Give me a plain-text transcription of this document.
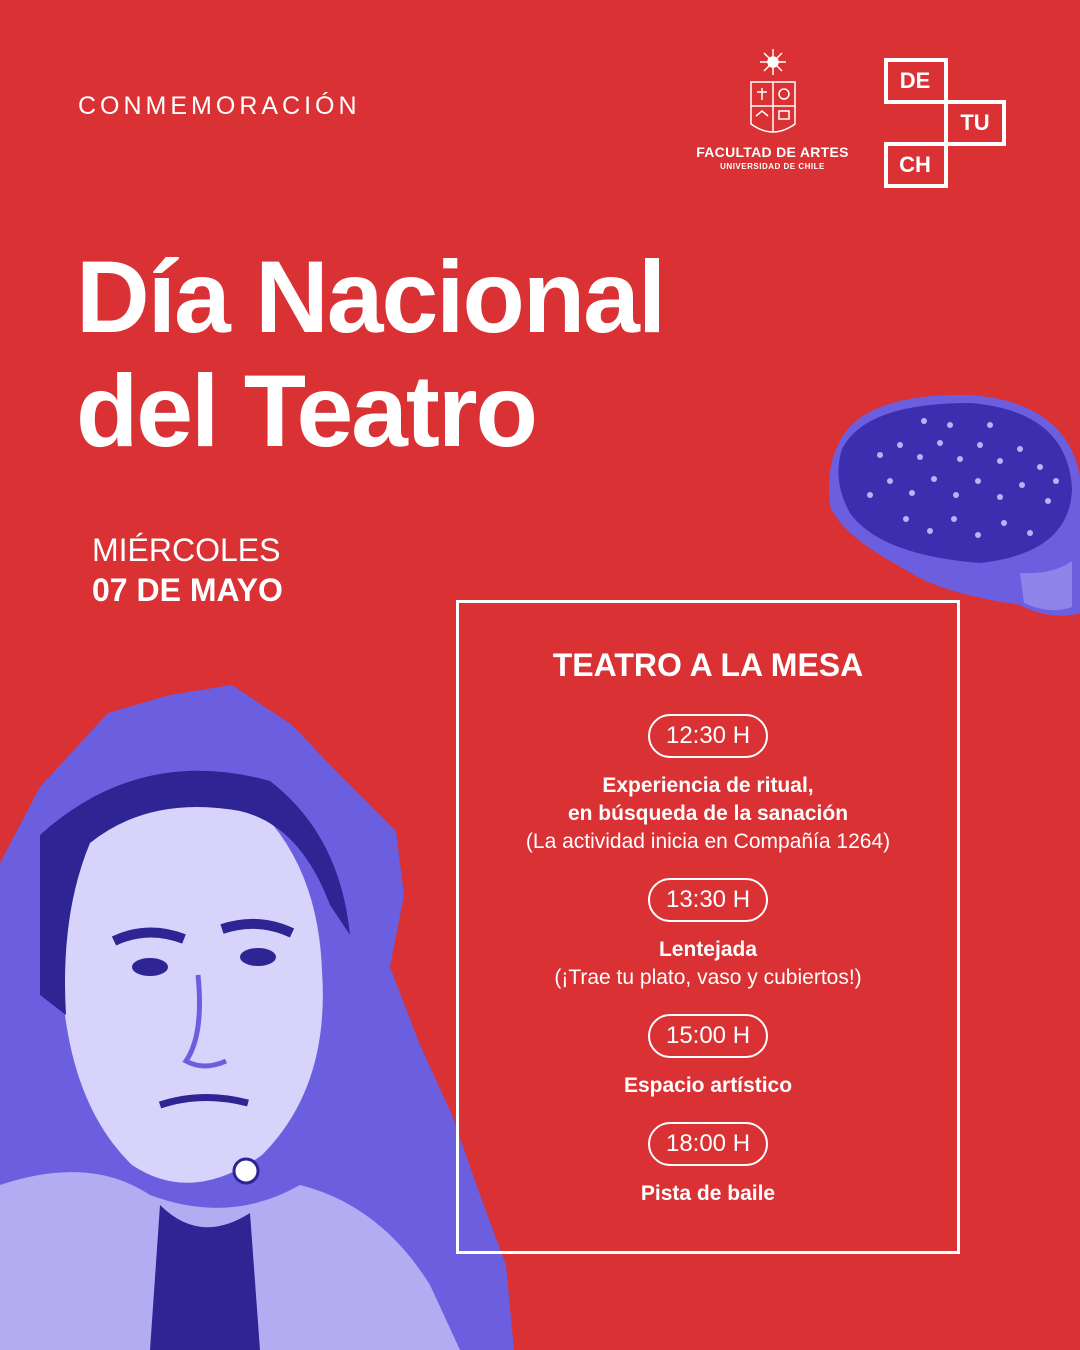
CONMEMORACIÓN
FACULTAD DE ARTES
UNIVERSIDAD DE CHILE
DE
TU
CH
Día Nacional
del Teatro
MIÉRCOLES
07 DE MAYO
TEATRO A LA MESA
12:30 H
Experiencia de ritual,
en búsqueda de la sanación
(La actividad inicia en Compañía 1264)
13:30 H
Lentejada
(¡Trae tu plato, vaso y cubiertos!)
15:00 H
Espacio artístico
18:00 H
Pista de baile
